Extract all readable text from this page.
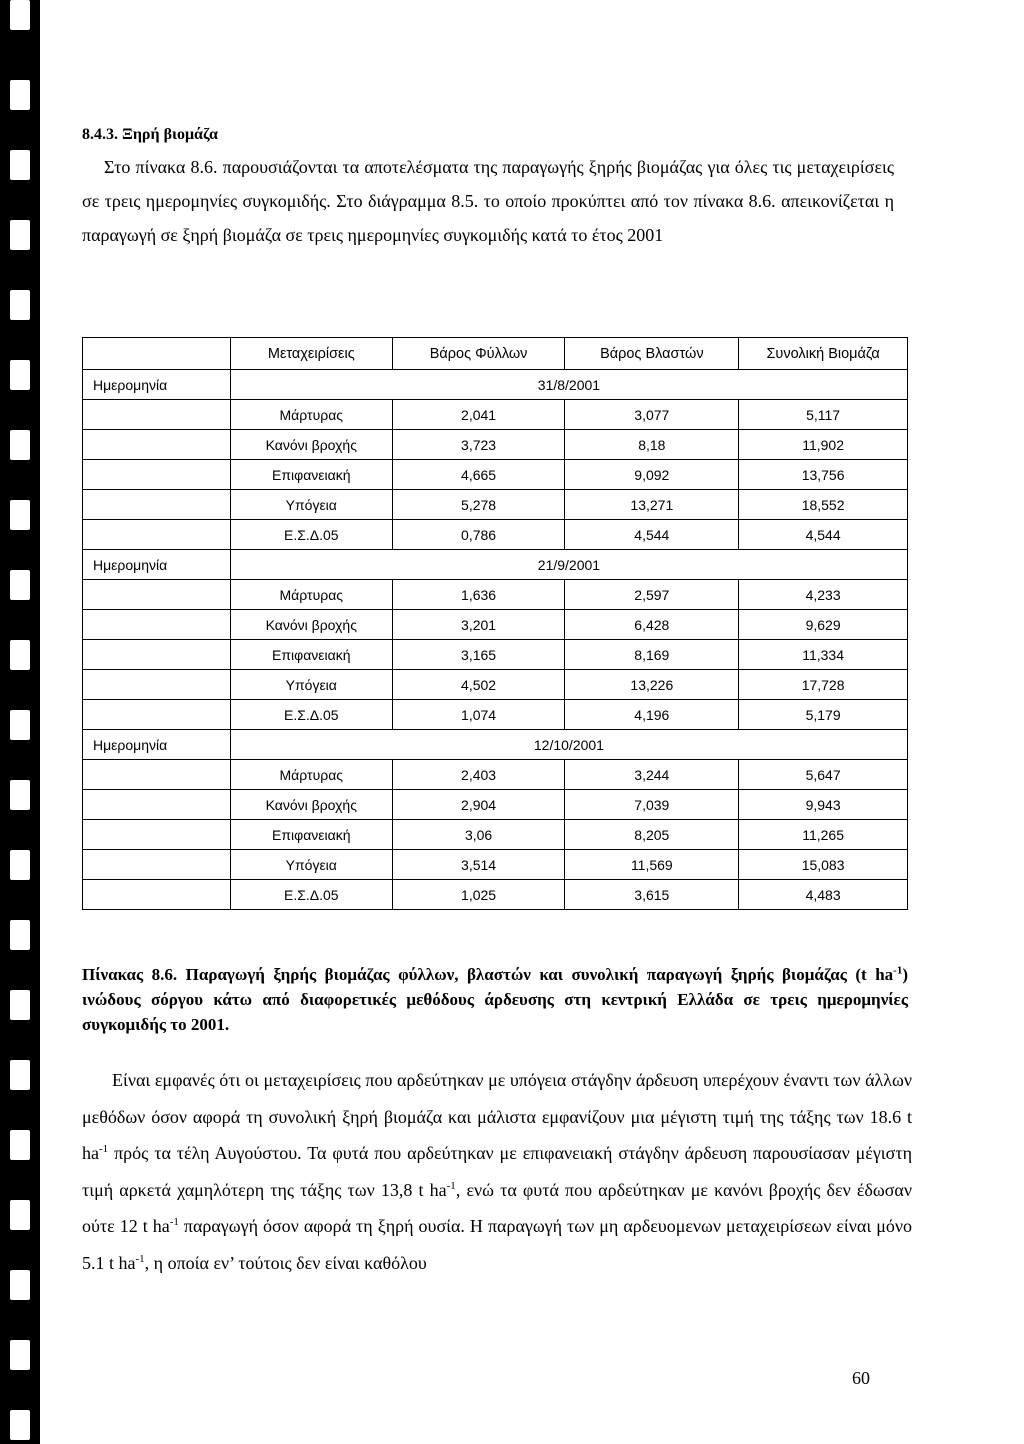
8.4.3. Ξηρή βιομάζα

Στο πίνακα 8.6. παρουσιάζονται τα αποτελέσματα της παραγωγής ξηρής βιομάζας για όλες τις μεταχειρίσεις σε τρεις ημερομηνίες συγκομιδής. Στο διάγραμμα 8.5. το οποίο προκύπτει από τον πίνακα 8.6. απεικονίζεται η παραγωγή σε ξηρή βιομάζα σε τρεις ημερομηνίες συγκομιδής κατά το έτος 2001

	Μεταχειρίσεις	Βάρος Φύλλων	Βάρος Βλαστών	Συνολική Βιομάζα
Ημερομηνία	31/8/2001			
	Μάρτυρας	2,041	3,077	5,117
	Κανόνι βροχής	3,723	8,18	11,902
	Επιφανειακή	4,665	9,092	13,756
	Υπόγεια	5,278	13,271	18,552
	Ε.Σ.Δ.05	0,786	4,544	4,544
Ημερομηνία	21/9/2001			
	Μάρτυρας	1,636	2,597	4,233
	Κανόνι βροχής	3,201	6,428	9,629
	Επιφανειακή	3,165	8,169	11,334
	Υπόγεια	4,502	13,226	17,728
	Ε.Σ.Δ.05	1,074	4,196	5,179
Ημερομηνία	12/10/2001			
	Μάρτυρας	2,403	3,244	5,647
	Κανόνι βροχής	2,904	7,039	9,943
	Επιφανειακή	3,06	8,205	11,265
	Υπόγεια	3,514	11,569	15,083
	Ε.Σ.Δ.05	1,025	3,615	4,483
Πίνακας 8.6. Παραγωγή ξηρής βιομάζας φύλλων, βλαστών και συνολική παραγωγή ξηρής βιομάζας (t $ha^{-1}$) ινώδους σόργου κάτω από διαφορετικές μεθόδους άρδευσης στη κεντρική Ελλάδα σε τρεις ημερομηνίες συγκομιδής το 2001.

Είναι εμφανές ότι οι μεταχειρίσεις που αρδεύτηκαν με υπόγεια στάγδην άρδευση υπερέχουν έναντι των άλλων μεθόδων όσον αφορά τη συνολική ξηρή βιομάζα και μάλιστα εμφανίζουν μια μέγιστη τιμή της τάξης των 18.6 t $ha^{-1}$ πρός τα τέλη Αυγούστου. Τα φυτά που αρδεύτηκαν με επιφανειακή στάγδην άρδευση παρουσίασαν μέγιστη τιμή αρκετά χαμηλότερη της τάξης των 13,8 t $ha^{-1}$, ενώ τα φυτά που αρδεύτηκαν με κανόνι βροχής δεν έδωσαν ούτε 12 t $ha^{-1}$ παραγωγή όσον αφορά τη ξηρή ουσία. Η παραγωγή των μη αρδευομενων μεταχειρίσεων είναι μόνο 5.1 t $ha^{-1}$, η οποία εν’ τούτοις δεν είναι καθόλου

60
